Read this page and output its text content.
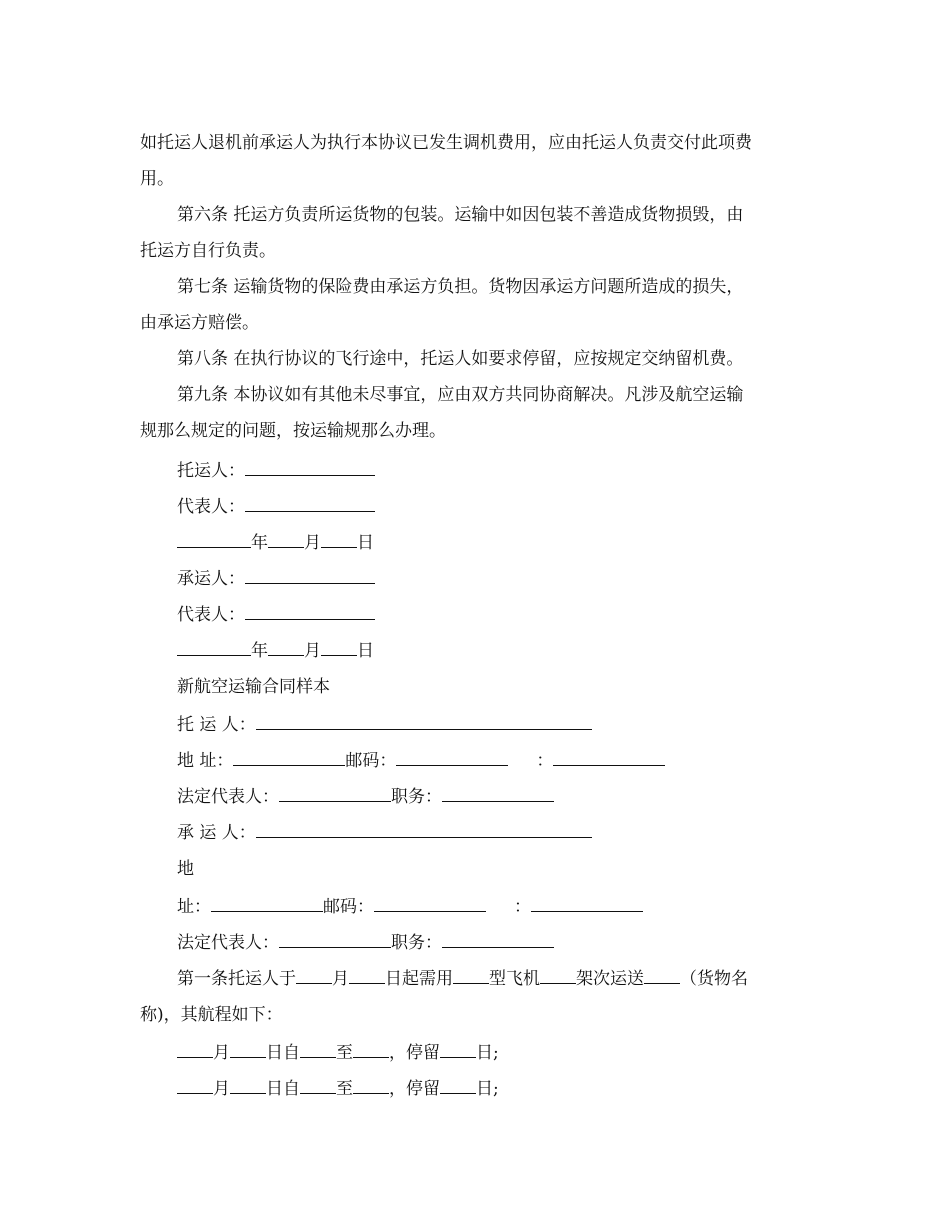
如托运人退机前承运人为执行本协议已发生调机费用，应由托运人负责交付此项费
用。
第六条 托运方负责所运货物的包装。运输中如因包装不善造成货物损毁，由
托运方自行负责。
第七条 运输货物的保险费由承运方负担。货物因承运方问题所造成的损失，
由承运方赔偿。
第八条 在执行协议的飞行途中，托运人如要求停留，应按规定交纳留机费。
第九条 本协议如有其他未尽事宜，应由双方共同协商解决。凡涉及航空运输
规那么规定的问题，按运输规那么办理。
托运人：
代表人：
年 月 日
承运人：
代表人：
年 月 日
新航空运输合同样本
托 运 人：
地 址：	邮码：	：
法定代表人：	职务：
承 运 人：
地
址：	邮码：	：
法定代表人：	职务：
第一条托运人于 月 日起需用 型飞机 架次运送 （货物名
称)，其航程如下：
月 日自 至 ，停留 日;
月 日自 至 ，停留 日;
